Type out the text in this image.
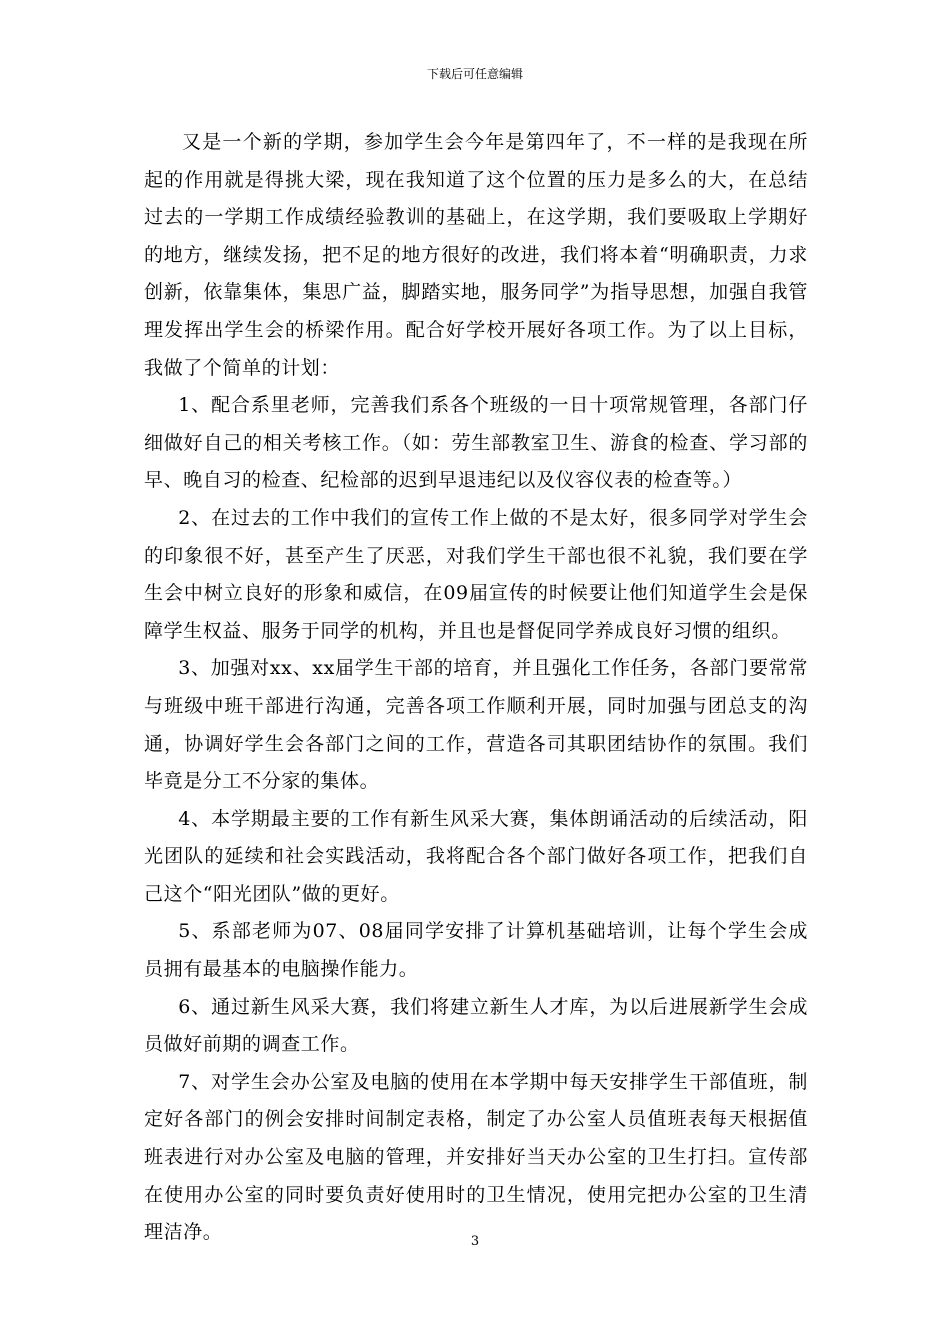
下载后可任意编辑

又是一个新的学期，参加学生会今年是第四年了，不一样的是我现在所起的作用就是得挑大梁，现在我知道了这个位置的压力是多么的大，在总结过去的一学期工作成绩经验教训的基础上，在这学期，我们要吸取上学期好的地方，继续发扬，把不足的地方很好的改进，我们将本着“明确职责，力求创新，依靠集体，集思广益，脚踏实地，服务同学”为指导思想，加强自我管理发挥出学生会的桥梁作用。配合好学校开展好各项工作。为了以上目标，我做了个简单的计划：

1、配合系里老师，完善我们系各个班级的一日十项常规管理，各部门仔细做好自己的相关考核工作。（如：劳生部教室卫生、游食的检查、学习部的早、晚自习的检查、纪检部的迟到早退违纪以及仪容仪表的检查等。）

2、在过去的工作中我们的宣传工作上做的不是太好，很多同学对学生会的印象很不好，甚至产生了厌恶，对我们学生干部也很不礼貌，我们要在学生会中树立良好的形象和威信，在09届宣传的时候要让他们知道学生会是保障学生权益、服务于同学的机构，并且也是督促同学养成良好习惯的组织。

3、加强对xx、xx届学生干部的培育，并且强化工作任务，各部门要常常与班级中班干部进行沟通，完善各项工作顺利开展，同时加强与团总支的沟通，协调好学生会各部门之间的工作，营造各司其职团结协作的氛围。我们毕竟是分工不分家的集体。

4、本学期最主要的工作有新生风采大赛，集体朗诵活动的后续活动，阳光团队的延续和社会实践活动，我将配合各个部门做好各项工作，把我们自己这个“阳光团队”做的更好。

5、系部老师为07、08届同学安排了计算机基础培训，让每个学生会成员拥有最基本的电脑操作能力。

6、通过新生风采大赛，我们将建立新生人才库，为以后进展新学生会成员做好前期的调查工作。

7、对学生会办公室及电脑的使用在本学期中每天安排学生干部值班，制定好各部门的例会安排时间制定表格，制定了办公室人员值班表每天根据值班表进行对办公室及电脑的管理，并安排好当天办公室的卫生打扫。宣传部在使用办公室的同时要负责好使用时的卫生情况，使用完把办公室的卫生清理洁净。	3
